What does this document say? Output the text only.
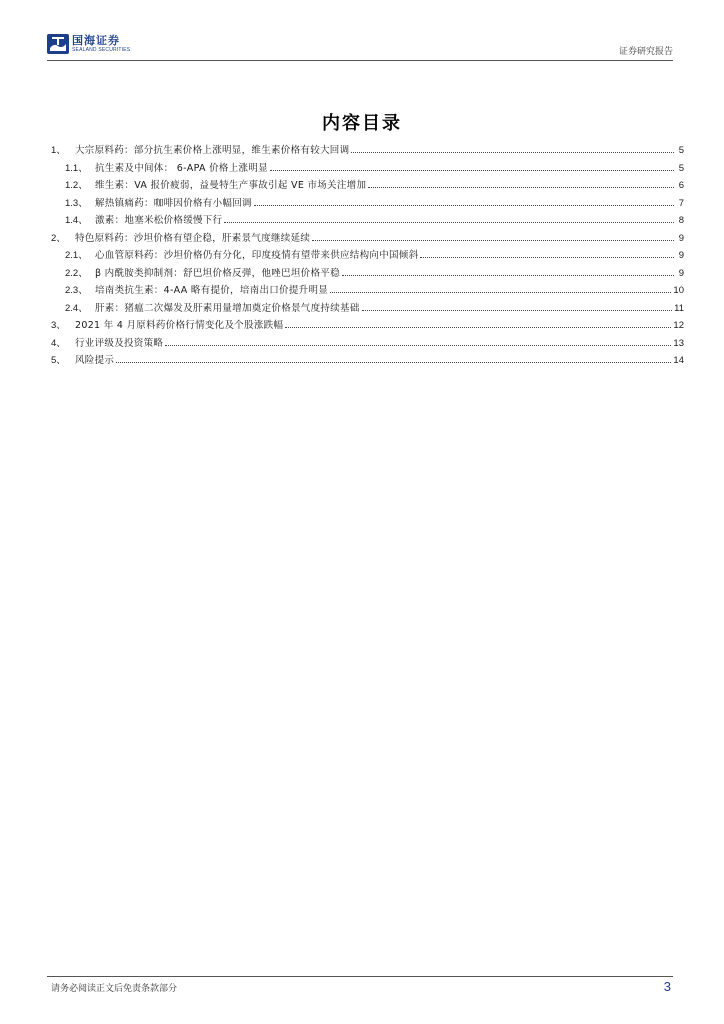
国海证券
SEALAND SECURITIES	证券研究报告
内容目录
1、 大宗原料药：部分抗生素价格上涨明显，维生素价格有较大回调	5
1.1、 抗生素及中间体： 6-APA 价格上涨明显	5
1.2、 维生素：VA 报价疲弱，益曼特生产事故引起 VE 市场关注增加	6
1.3、 解热镇痛药：咖啡因价格有小幅回调	7
1.4、 激素：地塞米松价格缓慢下行	8
2、 特色原料药：沙坦价格有望企稳，肝素景气度继续延续	9
2.1、 心血管原料药：沙坦价格仍有分化，印度疫情有望带来供应结构向中国倾斜	9
2.2、 β 内酰胺类抑制剂：舒巴坦价格反弹，他唑巴坦价格平稳	9
2.3、 培南类抗生素：4-AA 略有提价，培南出口价提升明显	10
2.4、 肝素：猪瘟二次爆发及肝素用量增加奠定价格景气度持续基础	11
3、 2021 年 4 月原料药价格行情变化及个股涨跌幅	12
4、 行业评级及投资策略	13
5、 风险提示	14
请务必阅读正文后免责条款部分	3
